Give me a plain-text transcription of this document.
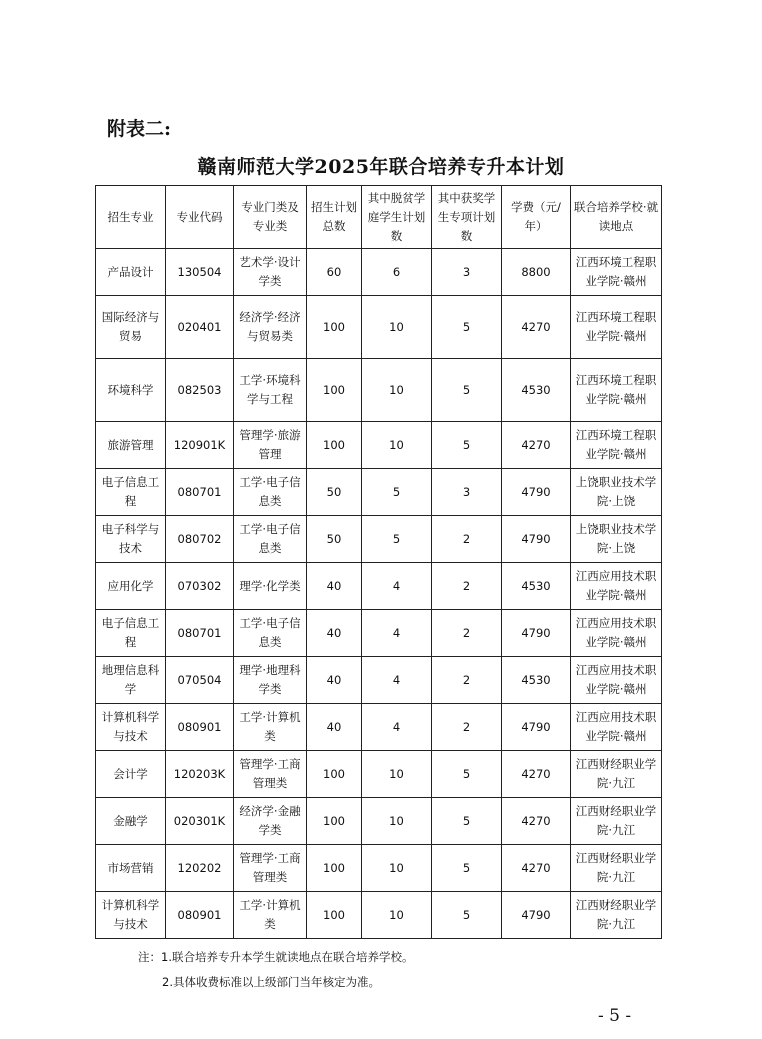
附表二:
赣南师范大学2025年联合培养专升本计划
招生专业	专业代码	专业门类及专业类	招生计划总数	其中脱贫学庭学生计划数	其中获奖学生专项计划数	学费（元/年）	联合培养学校·就读地点
产品设计	130504	艺术学·设计学类	60	6	3	8800	江西环境工程职业学院·赣州
国际经济与贸易	020401	经济学·经济与贸易类	100	10	5	4270	江西环境工程职业学院·赣州
环境科学	082503	工学·环境科学与工程	100	10	5	4530	江西环境工程职业学院·赣州
旅游管理	120901K	管理学·旅游管理	100	10	5	4270	江西环境工程职业学院·赣州
电子信息工程	080701	工学·电子信息类	50	5	3	4790	上饶职业技术学院·上饶
电子科学与技术	080702	工学·电子信息类	50	5	2	4790	上饶职业技术学院·上饶
应用化学	070302	理学·化学类	40	4	2	4530	江西应用技术职业学院·赣州
电子信息工程	080701	工学·电子信息类	40	4	2	4790	江西应用技术职业学院·赣州
地理信息科学	070504	理学·地理科学类	40	4	2	4530	江西应用技术职业学院·赣州
计算机科学与技术	080901	工学·计算机类	40	4	2	4790	江西应用技术职业学院·赣州
会计学	120203K	管理学·工商管理类	100	10	5	4270	江西财经职业学院·九江
金融学	020301K	经济学·金融学类	100	10	5	4270	江西财经职业学院·九江
市场营销	120202	管理学·工商管理类	100	10	5	4270	江西财经职业学院·九江
计算机科学与技术	080901	工学·计算机类	100	10	5	4790	江西财经职业学院·九江
注：1.联合培养专升本学生就读地点在联合培养学校。
2.具体收费标准以上级部门当年核定为准。
- 5 -
